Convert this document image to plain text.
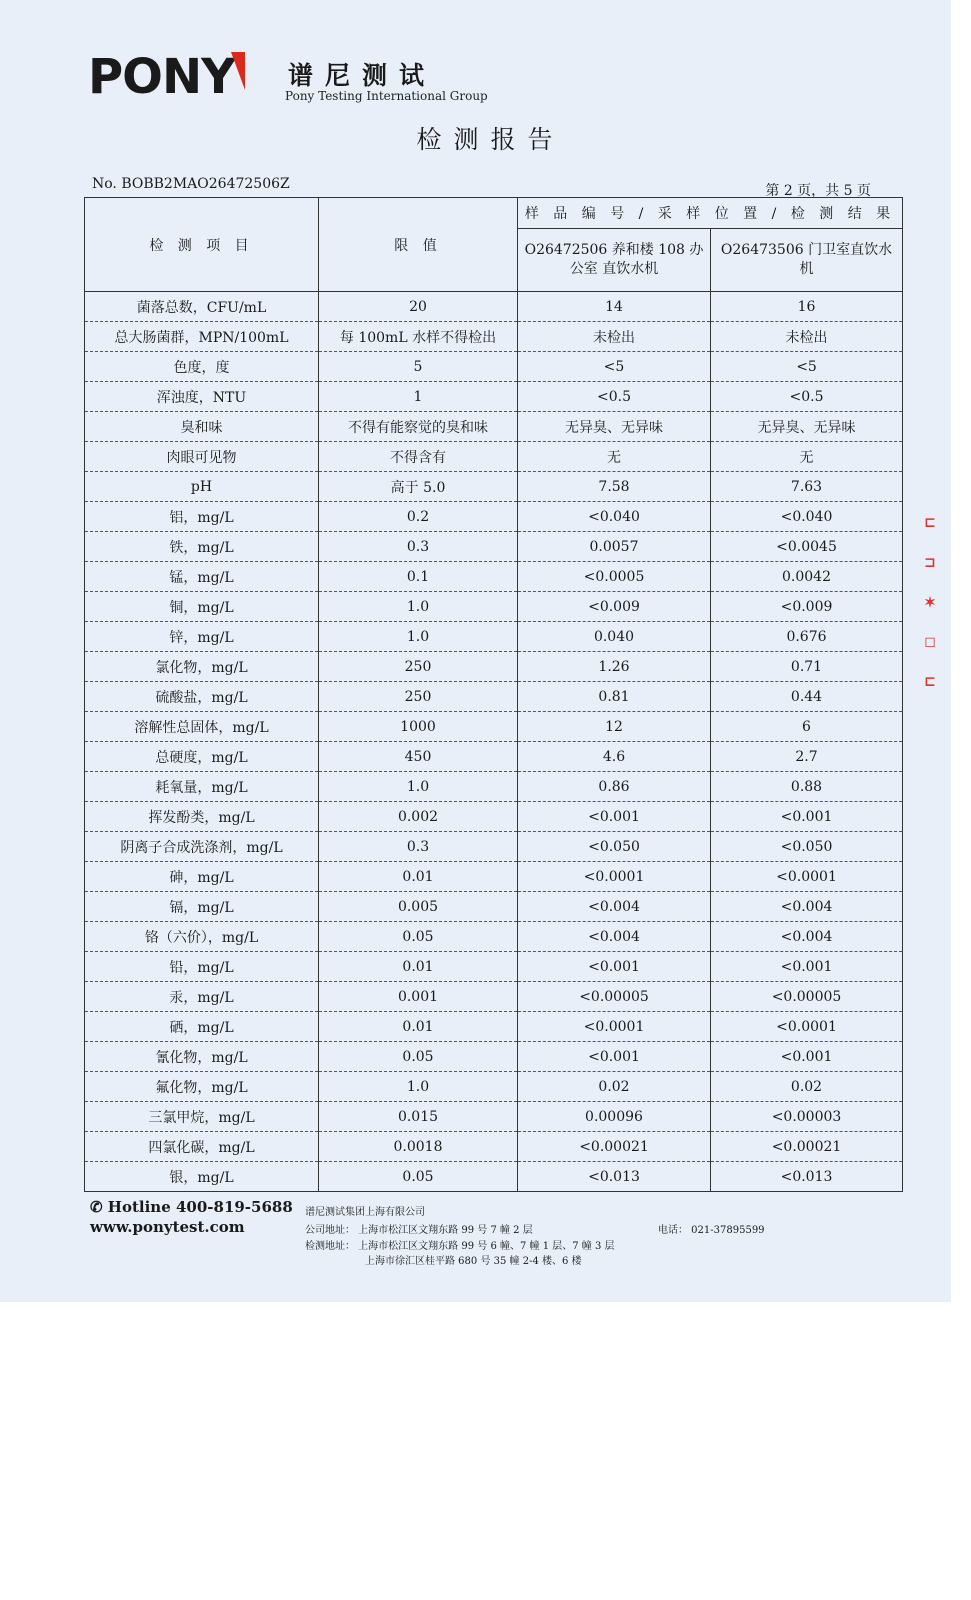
PONY 谱尼测试
Pony Testing International Group
检测报告
No. BOBB2MAO26472506Z	第 2 页，共 5 页
检 测 项 目	限 值	样 品 编 号 / 采 样 位 置 / 检 测 结 果	
		O26472506 养和楼 108 办公室 直饮水机	O26473506 门卫室直饮水机
菌落总数，CFU/mL	20	14	16
总大肠菌群，MPN/100mL	每 100mL 水样不得检出	未检出	未检出
色度，度	5	<5	<5
浑浊度，NTU	1	<0.5	<0.5
臭和味	不得有能察觉的臭和味	无异臭、无异味	无异臭、无异味
肉眼可见物	不得含有	无	无
pH	高于 5.0	7.58	7.63
铝，mg/L	0.2	<0.040	<0.040
铁，mg/L	0.3	0.0057	<0.0045
锰，mg/L	0.1	<0.0005	0.0042
铜，mg/L	1.0	<0.009	<0.009
锌，mg/L	1.0	0.040	0.676
氯化物，mg/L	250	1.26	0.71
硫酸盐，mg/L	250	0.81	0.44
溶解性总固体，mg/L	1000	12	6
总硬度，mg/L	450	4.6	2.7
耗氧量，mg/L	1.0	0.86	0.88
挥发酚类，mg/L	0.002	<0.001	<0.001
阴离子合成洗涤剂，mg/L	0.3	<0.050	<0.050
砷，mg/L	0.01	<0.0001	<0.0001
镉，mg/L	0.005	<0.004	<0.004
铬（六价），mg/L	0.05	<0.004	<0.004
铅，mg/L	0.01	<0.001	<0.001
汞，mg/L	0.001	<0.00005	<0.00005
硒，mg/L	0.01	<0.0001	<0.0001
氰化物，mg/L	0.05	<0.001	<0.001
氟化物，mg/L	1.0	0.02	0.02
三氯甲烷，mg/L	0.015	0.00096	<0.00003
四氯化碳，mg/L	0.0018	<0.00021	<0.00021
银，mg/L	0.05	<0.013	<0.013
✆ Hotline 400-819-5688
www.ponytest.com
谱尼测试集团上海有限公司
公司地址： 上海市松江区文翔东路 99 号 7 幢 2 层
检测地址： 上海市松江区文翔东路 99 号 6 幢、7 幢 1 层、7 幢 3 层
上海市徐汇区桂平路 680 号 35 幢 2-4 楼、6 楼
电话： 021-37895599
⊏
⊐
✶
◻
⊏
